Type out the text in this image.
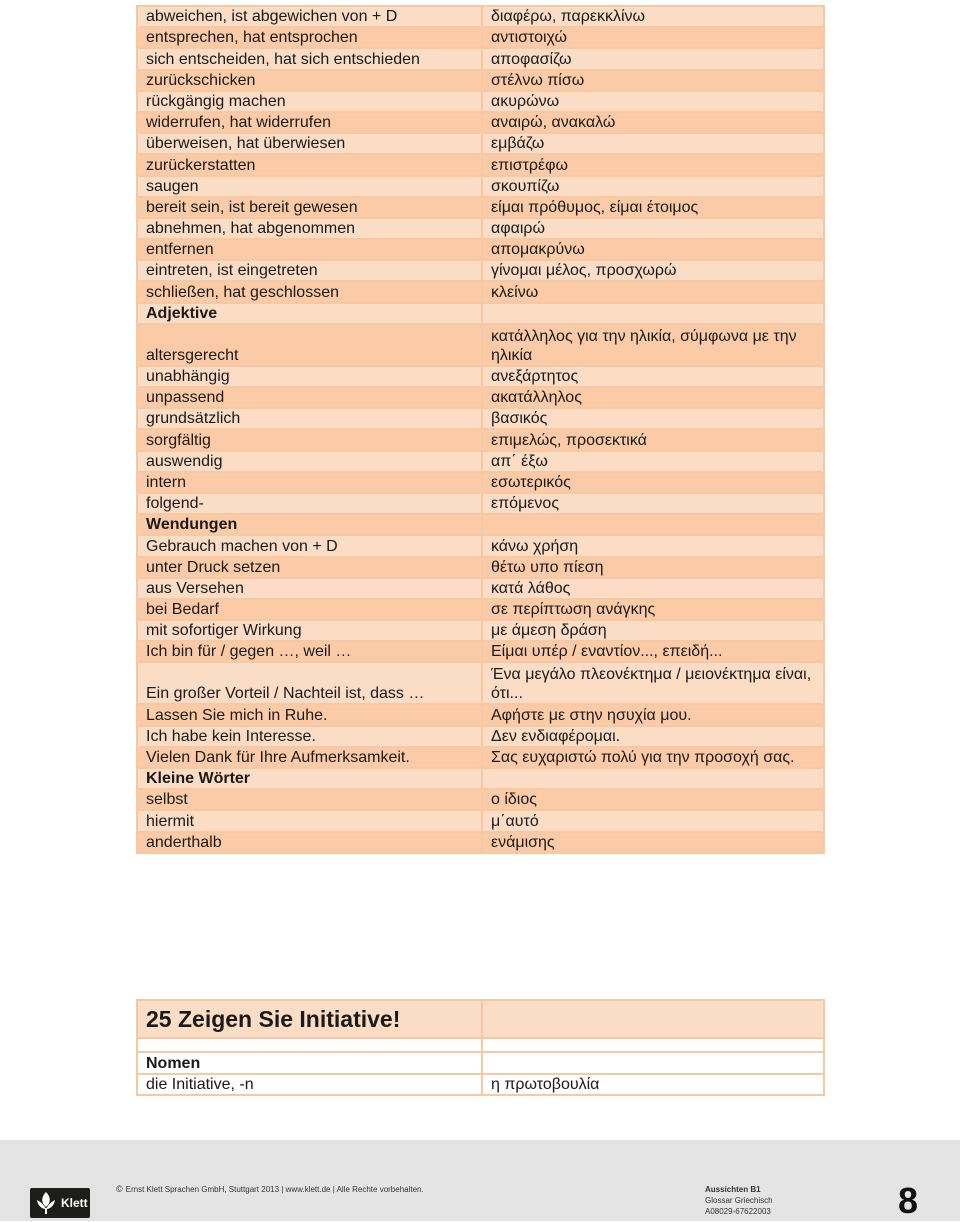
abweichen, ist abgewichen von + D	διαφέρω, παρεκκλίνω
entsprechen, hat entsprochen	αντιστοιχώ
sich entscheiden, hat sich entschieden	αποφασίζω
zurückschicken	στέλνω πίσω
rückgängig machen	ακυρώνω
widerrufen, hat widerrufen	αναιρώ, ανακαλώ
überweisen, hat überwiesen	εμβάζω
zurückerstatten	επιστρέφω
saugen	σκουπίζω
bereit sein, ist bereit gewesen	είμαι πρόθυμος, είμαι έτοιμος
abnehmen, hat abgenommen	αφαιρώ
entfernen	απομακρύνω
eintreten, ist eingetreten	γίνομαι μέλος, προσχωρώ
schließen, hat geschlossen	κλείνω
Adjektive	
altersgerecht	κατάλληλος για την ηλικία, σύμφωνα με την ηλικία
unabhängig	ανεξάρτητος
unpassend	ακατάλληλος
grundsätzlich	βασικός
sorgfältig	επιμελώς, προσεκτικά
auswendig	απ΄ έξω
intern	εσωτερικός
folgend-	επόμενος
Wendungen	
Gebrauch machen von + D	κάνω χρήση
unter Druck setzen	θέτω υπο πίεση
aus Versehen	κατά λάθος
bei Bedarf	σε περίπτωση ανάγκης
mit sofortiger Wirkung	με άμεση δράση
Ich bin für / gegen …, weil …	Είμαι υπέρ / εναντίον..., επειδή...
Ein großer Vorteil / Nachteil ist, dass …	Ένα μεγάλο πλεονέκτημα / μειονέκτημα είναι, ότι...
Lassen Sie mich in Ruhe.	Αφήστε με στην ησυχία μου.
Ich habe kein Interesse.	Δεν ενδιαφέρομαι.
Vielen Dank für Ihre Aufmerksamkeit.	Σας ευχαριστώ πολύ για την προσοχή σας.
Kleine Wörter	
selbst	ο ίδιος
hiermit	μ΄αυτό
anderthalb	ενάμισης
25 Zeigen Sie Initiative!	

Nomen	
die Initiative, -n	η πρωτοβουλία
Klett
© Ernst Klett Sprachen GmbH, Stuttgart 2013 | www.klett.de | Alle Rechte vorbehalten.	Aussichten B1
Glossar Griechisch
A08029-67622003	8
